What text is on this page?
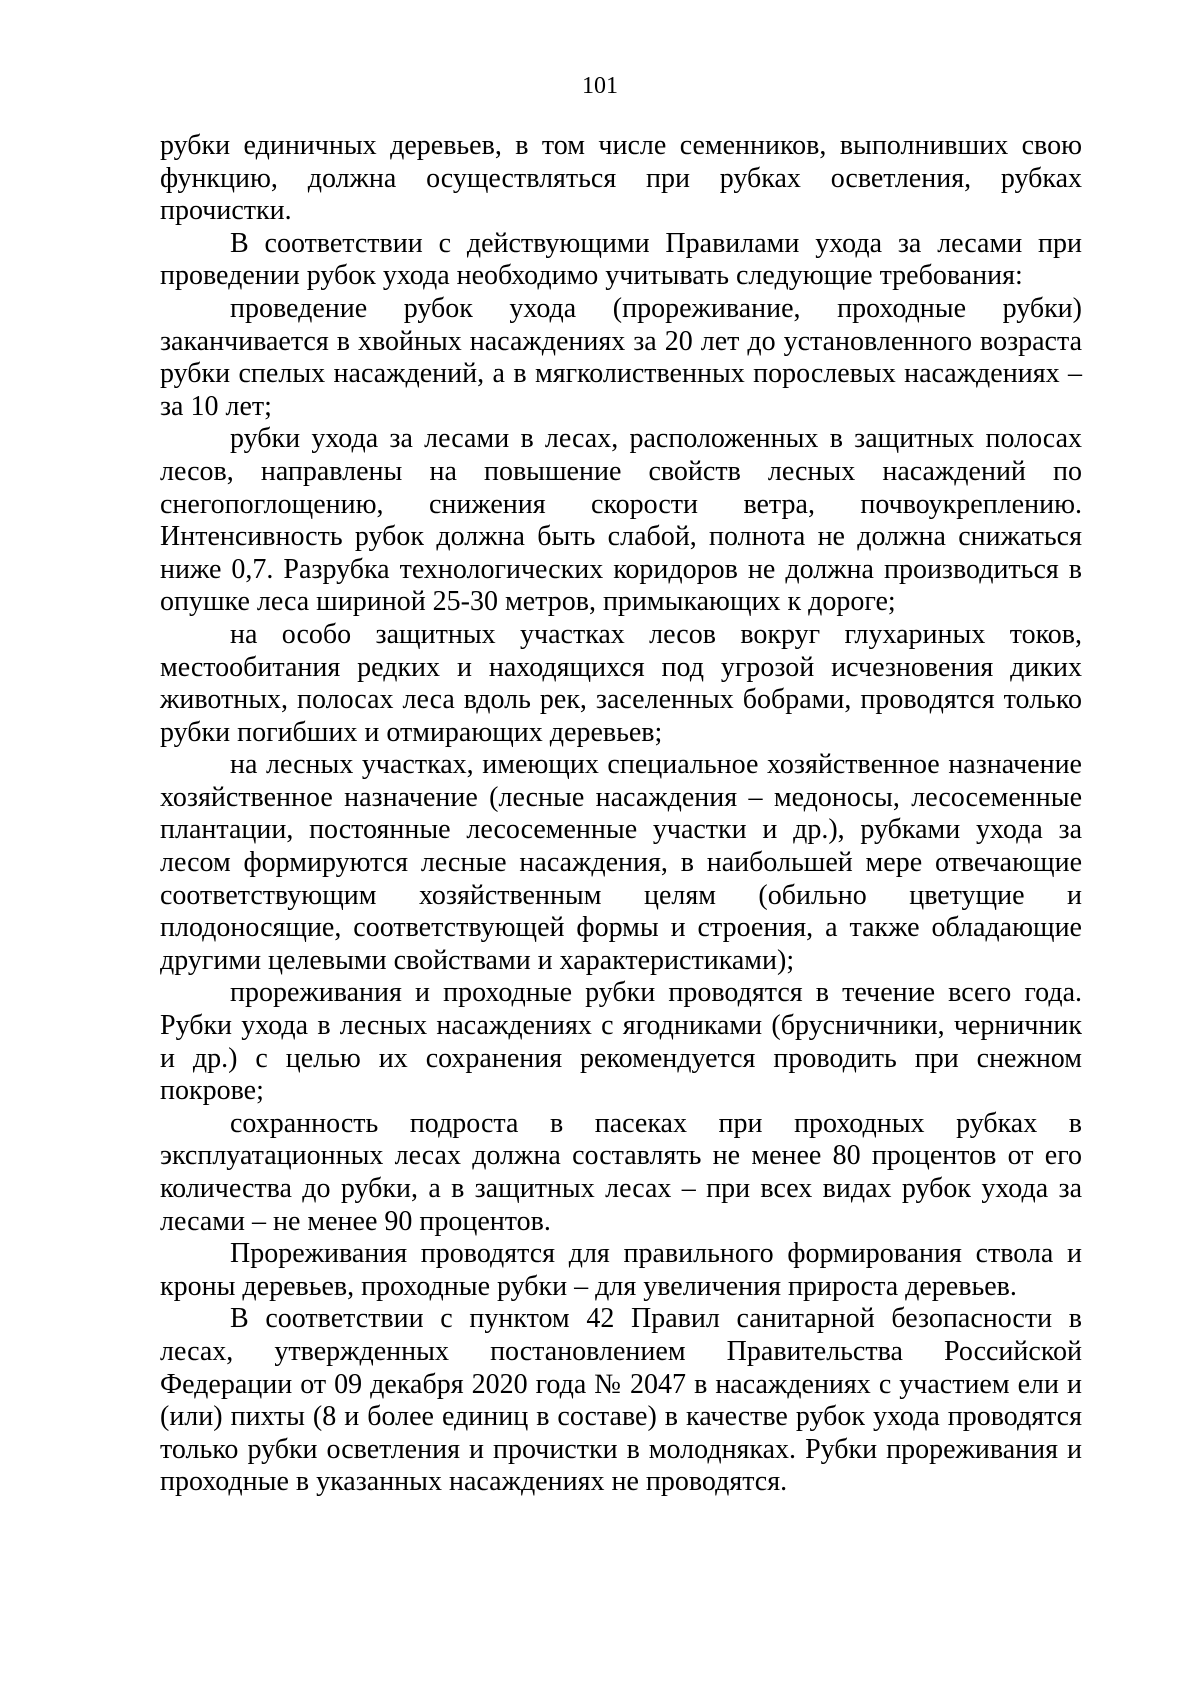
101

рубки единичных деревьев, в том числе семенников, выполнивших свою функцию, должна осуществляться при рубках осветления, рубках прочистки.

В соответствии с действующими Правилами ухода за лесами при проведении рубок ухода необходимо учитывать следующие требования:

проведение рубок ухода (прореживание, проходные рубки) заканчивается в хвойных насаждениях за 20 лет до установленного возраста рубки спелых насаждений, а в мягколиственных порослевых насаждениях – за 10 лет;

рубки ухода за лесами в лесах, расположенных в защитных полосах лесов, направлены на повышение свойств лесных насаждений по снегопоглощению, снижения скорости ветра, почвоукреплению. Интенсивность рубок должна быть слабой, полнота не должна снижаться ниже 0,7. Разрубка технологических коридоров не должна производиться в опушке леса шириной 25-30 метров, примыкающих к дороге;

на особо защитных участках лесов вокруг глухариных токов, местообитания редких и находящихся под угрозой исчезновения диких животных, полосах леса вдоль рек, заселенных бобрами, проводятся только рубки погибших и отмирающих деревьев;

на лесных участках, имеющих специальное хозяйственное назначение хозяйственное назначение (лесные насаждения – медоносы, лесосеменные плантации, постоянные лесосеменные участки и др.), рубками ухода за лесом формируются лесные насаждения, в наибольшей мере отвечающие соответствующим хозяйственным целям (обильно цветущие и плодоносящие, соответствующей формы и строения, а также обладающие другими целевыми свойствами и характеристиками);

прореживания и проходные рубки проводятся в течение всего года. Рубки ухода в лесных насаждениях с ягодниками (брусничники, черничник и др.) с целью их сохранения рекомендуется проводить при снежном покрове;

сохранность подроста в пасеках при проходных рубках в эксплуатационных лесах должна составлять не менее 80 процентов от его количества до рубки, а в защитных лесах – при всех видах рубок ухода за лесами – не менее 90 процентов.

Прореживания проводятся для правильного формирования ствола и кроны деревьев, проходные рубки – для увеличения прироста деревьев.

В соответствии с пунктом 42 Правил санитарной безопасности в лесах, утвержденных постановлением Правительства Российской Федерации от 09 декабря 2020 года № 2047 в насаждениях с участием ели и (или) пихты (8 и более единиц в составе) в качестве рубок ухода проводятся только рубки осветления и прочистки в молодняках. Рубки прореживания и проходные в указанных насаждениях не проводятся.
